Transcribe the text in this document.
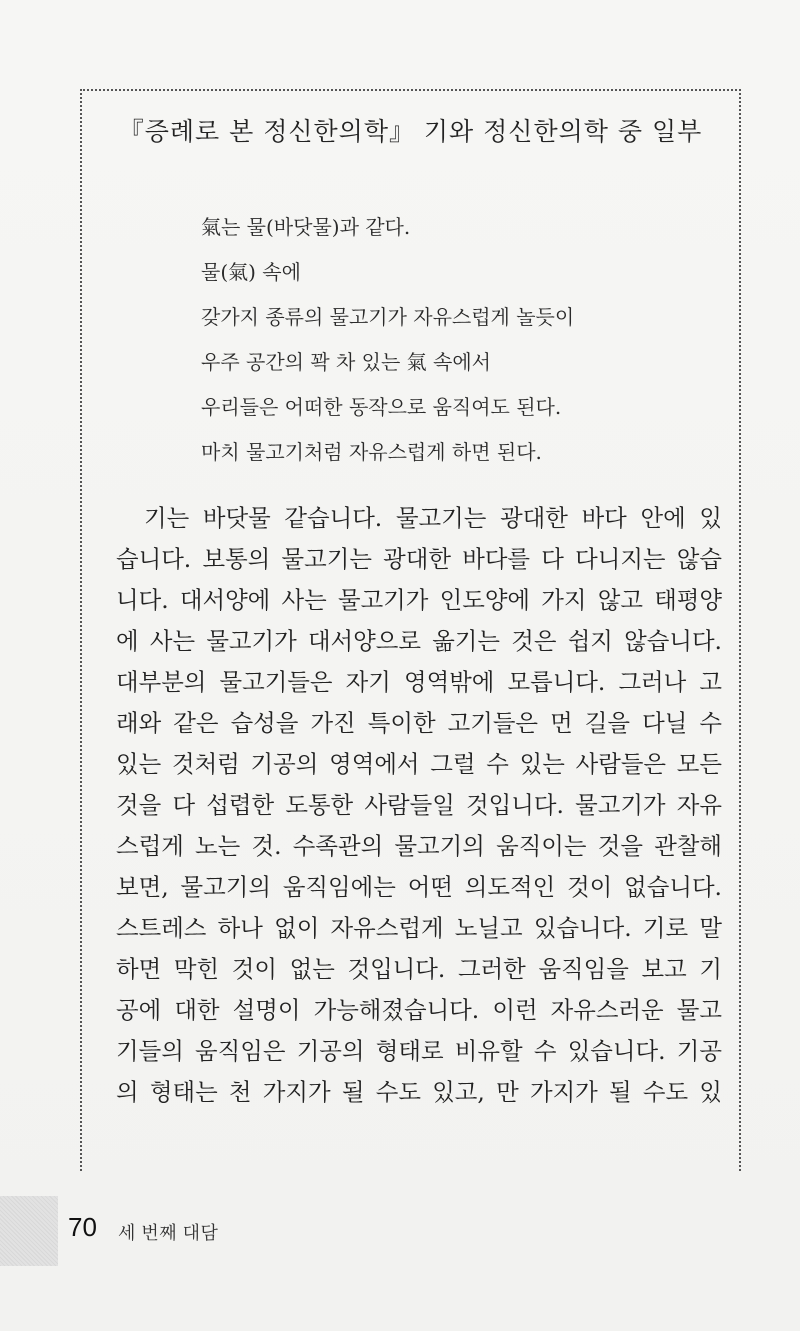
『증례로 본 정신한의학』 기와 정신한의학 중 일부
氣는 물(바닷물)과 같다.
물(氣) 속에
갖가지 종류의 물고기가 자유스럽게 놀듯이
우주 공간의 꽉 차 있는 氣 속에서
우리들은 어떠한 동작으로 움직여도 된다.
마치 물고기처럼 자유스럽게 하면 된다.
기는 바닷물 같습니다. 물고기는 광대한 바다 안에 있
습니다. 보통의 물고기는 광대한 바다를 다 다니지는 않습
니다. 대서양에 사는 물고기가 인도양에 가지 않고 태평양
에 사는 물고기가 대서양으로 옮기는 것은 쉽지 않습니다.
대부분의 물고기들은 자기 영역밖에 모릅니다. 그러나 고
래와 같은 습성을 가진 특이한 고기들은 먼 길을 다닐 수
있는 것처럼 기공의 영역에서 그럴 수 있는 사람들은 모든
것을 다 섭렵한 도통한 사람들일 것입니다. 물고기가 자유
스럽게 노는 것. 수족관의 물고기의 움직이는 것을 관찰해
보면, 물고기의 움직임에는 어떤 의도적인 것이 없습니다.
스트레스 하나 없이 자유스럽게 노닐고 있습니다. 기로 말
하면 막힌 것이 없는 것입니다. 그러한 움직임을 보고 기
공에 대한 설명이 가능해졌습니다. 이런 자유스러운 물고
기들의 움직임은 기공의 형태로 비유할 수 있습니다. 기공
의 형태는 천 가지가 될 수도 있고, 만 가지가 될 수도 있
70 세 번째 대담
